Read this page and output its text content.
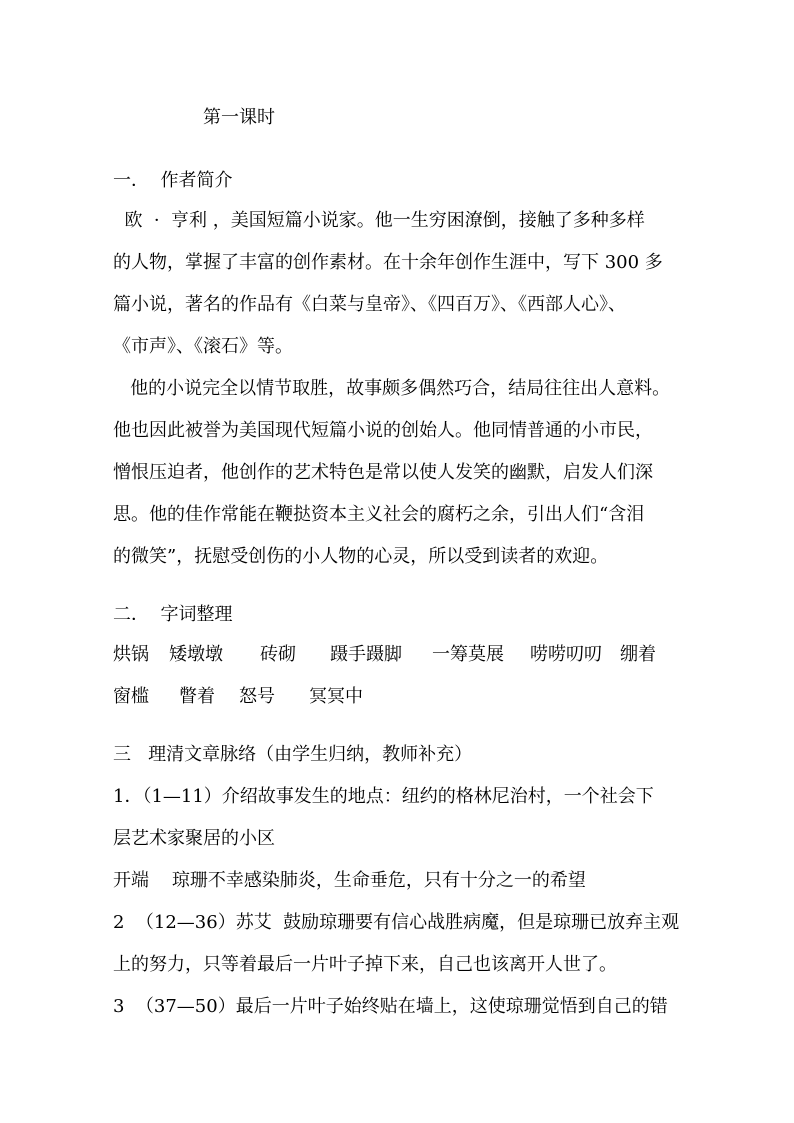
第一课时

一．  作者简介

欧  ·  亨利 ，美国短篇小说家。他一生穷困潦倒，接触了多种多样

的人物，掌握了丰富的创作素材。在十余年创作生涯中，写下 300 多

篇小说，著名的作品有《白菜与皇帝》、《四百万》、《西部人心》、

《市声》、《滚石》等。

他的小说完全以情节取胜，故事颇多偶然巧合，结局往往出人意料。

他也因此被誉为美国现代短篇小说的创始人。他同情普通的小市民，

憎恨压迫者，他创作的艺术特色是常以使人发笑的幽默，启发人们深

思。他的佳作常能在鞭挞资本主义社会的腐朽之余，引出人们“含泪

的微笑”，抚慰受创伤的小人物的心灵，所以受到读者的欢迎。

二．  字词整理

烘锅	矮墩墩	砖砌	蹑手蹑脚	一筹莫展	唠唠叨叨	绷着

窗槛	瞥着	怒号	冥冥中

三   理清文章脉络（由学生归纳，教师补充）

1．（1—11）介绍故事发生的地点：纽约的格林尼治村，一个社会下

层艺术家聚居的小区

开端    琼珊不幸感染肺炎，生命垂危，只有十分之一的希望

2  （12—36）苏艾  鼓励琼珊要有信心战胜病魔，但是琼珊已放弃主观

上的努力，只等着最后一片叶子掉下来，自己也该离开人世了。

3  （37—50）最后一片叶子始终贴在墙上，这使琼珊觉悟到自己的错
